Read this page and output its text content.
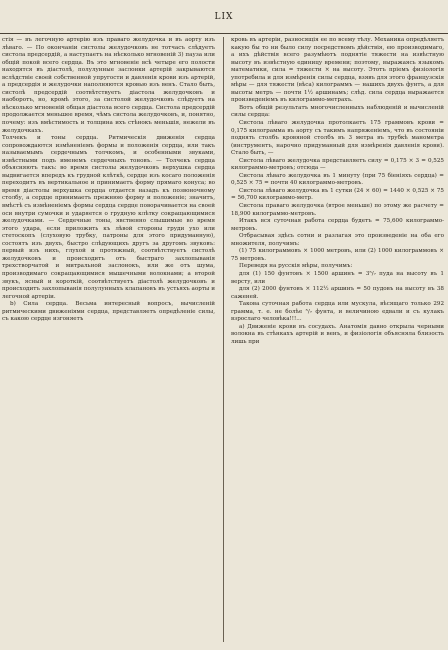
LIX

стія — въ легочную артерію изъ праваго желудочка и въ аорту изъ лѣваго. — По окончаніи систолы желудочковъ не тотчасъ слѣдуетъ систола предсердій, а наступаетъ на нѣсколько мгновеній 3) пауза или общій покой всего сердца. Въ это мгновеніе всѣ четыре его полости находятся въ діастолѣ, полулунные заслонки артерій закрываются вслѣдствіе своей собственной упругости и давленія крови изъ артерій, а предсердія и желудочки наполняются кровью изъ венъ. Стало быть, систолѣ предсердій соотвѣтствуетъ діастола желудочковъ и наоборотъ, но, кромѣ этого, за систолой желудочковъ слѣдуетъ на нѣсколько мгновеній общая діастола всего сердца. Систола предсердій продолжается меньшее время, чѣмъ систола желудочковъ, и, понятно, почему: изъ вмѣстимость и толщина ихъ стѣнокъ меньшія, нежели въ желудочкахъ.

Толчекъ и тоны сердца. Ритмическія движенія сердца сопровождаются измѣненіемъ формы и положенія сердца, или такъ называемымъ сердечнымъ толчкомъ, и особенными звуками, извѣстными подъ именемъ сердечныхъ тоновъ. — Толчекъ сердца объясняютъ такъ: во время систолы желудочковъ верхушка сердца выдвигается впередъ къ грудной клѣткѣ, сердце изъ косаго положенія переходитъ въ вертикальное и принимаетъ форму прямаго конуса; во время діастолы верхушка сердца отдается назадъ къ позвоночному столбу, а сердце принимаетъ прежнюю форму и положеніе; значитъ, вмѣстѣ съ измѣненіемъ формы сердца сердце поворачивается на своей оси внутри сумочки и ударяется о грудную клѣтку сокращающимися желудочками. — Сердечные тоны, явственно слышимые во время этого удара, если приложить къ лѣвой стороны груди ухо или стетоскопъ (слуховую трубку, патроны для этого придуманную), состоятъ изъ двухъ, быстро слѣдующихъ другъ за другомъ звуковъ: первый изъ нихъ, глухой и протяжный, соотвѣтствуетъ систолѣ желудочковъ и происходитъ отъ быстраго захлопыванія трехстворчатой и митральной заслонокъ, или же отъ шума, производимаго сокращающимися мышечными волокнами; а второй звукъ, ясный и короткій, соотвѣтствуетъ діастолѣ желудочковъ и происходитъ захлопыванія полулунныхъ клапановъ въ устьяхъ аорты и легочной артеріи.

b) Сила сердца. Весьма интересный вопросъ, вычисленій ритмическими движеніями сердца, представляетъ опредѣленіе силы, съ какою сердце изгоняетъ

кровь въ артеріи, разносящія ее по всему тѣлу. Механика опредѣляетъ какую бы то ни было силу посредствомъ дѣйствія, ею производимаго, а ихъ дѣйствія всего разумѣютъ поднятіе тяжести на извѣстную высоту въ извѣстную единицу времени; поэтому, выражаясь языкомъ математики, сила = тяжести × на высоту. Этотъ пріемъ физіологія употребила и для измѣренія силы сердца, взявъ для этого французскія мѣры — для тяжести (вѣса) килограммъ — нашихъ двухъ фунтъ, а для высоты метръ — почти 1½ аршинамъ; слѣд. сила сердца выражается произведеніемъ въ килограммо-метрахъ.

Вотъ общій результатъ многочисленныхъ наблюденій и вычисленій силы сердца:

Систола лѣваго желудочка протолкаетъ 175 граммовъ крови = 0,175 килограмма въ аорту съ такимъ напряженіемъ, что въ состояніи поднять столбъ кровяной столбъ въ 3 метра въ трубкѣ манометра (инструментъ, нарочно придуманный для измѣренія давленія крови). Стало быть, —

Систола лѣваго желудочка представляетъ силу = 0,175 × 3 = 0,525 килограммо-метровъ; отсюда —

Систола лѣваго желудочка въ 1 минуту (при 75 біеніяхъ сердца) = 0,525 × 75 = почти 40 килограммо-метровъ.

Систола лѣваго желудочка въ 1 сутки (24 × 60) = 1440 × 0,525 × 75 = 56,700 килограммо-метр.

Систола праваго желудочка (втрое меньше) по этому же расчету = 18,900 килограммо-метровъ.

Итакъ вся суточная работа сердца будетъ = 75,600 килограммо-метровъ.

Отбрасывая здѣсь сотни и разлагая это произведеніе на оба его множителя, получимъ:

(1) 75 килограммовъ × 1000 метровъ, или (2) 1000 килограммовъ × 75 метровъ.

Переведя на русскія мѣры, получимъ:

для (1) 150 фунтовъ × 1500 аршинъ = 3⁵/₇ пуда на высоту въ 1 версту, или

для (2) 2000 фунтовъ × 112½ аршинъ = 50 пудовъ на высоту въ 38 саженей.

Такова суточная работа сердца или мускула, вѣсящаго только 292 грамма, т. е. не болѣе ⁵/₇ фунта, и величиною едвали и съ кулакъ взрослаго человѣка!!!...

а) Движеніе крови въ сосудахъ. Анатомія давно открыла черными волокна въ стѣнкахъ артерій и венъ, и физіологія объясняла близость лишь при
